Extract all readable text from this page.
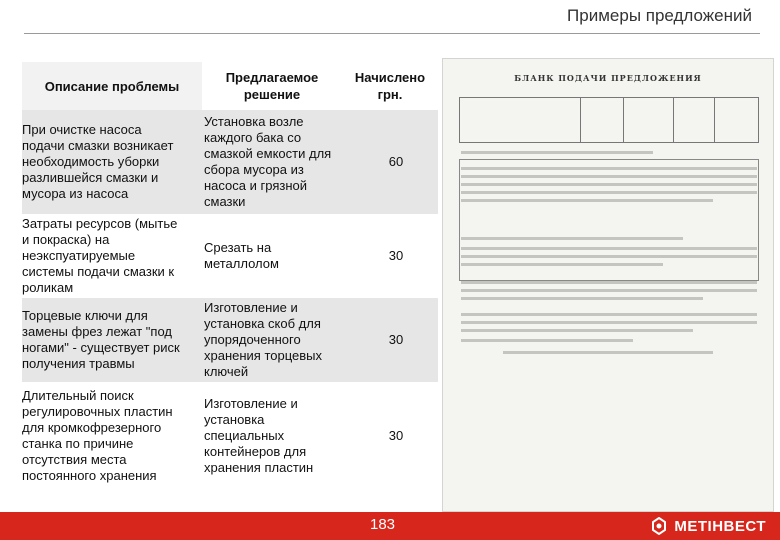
Примеры предложений
Описание проблемы
Предлагаемое
решение
Начислено
грн.
При очистке насоса
подачи смазки возникает
необходимость уборки
разлившейся смазки и
мусора из насоса
Установка возле
каждого бака со
смазкой емкости для
сбора мусора из
насоса и грязной
смазки
60
Затраты ресурсов (мытье
и покраска) на
неэкспуатируемые
системы подачи смазки к
роликам
Срезать на
металлолом
30
Торцевые ключи для
замены фрез лежат "под
ногами" - существует риск
получения травмы
Изготовление и
установка скоб для
упорядоченного
хранения торцевых
ключей
30
Длительный поиск
регулировочных пластин
для кромкофрезерного
станка по причине
отсутствия места
постоянного хранения
Изготовление и
установка
специальных
контейнеров для
хранения пластин
30
БЛАНК ПОДАЧИ ПРЕДЛОЖЕНИЯ
183	МЕТІНВЕСТ
